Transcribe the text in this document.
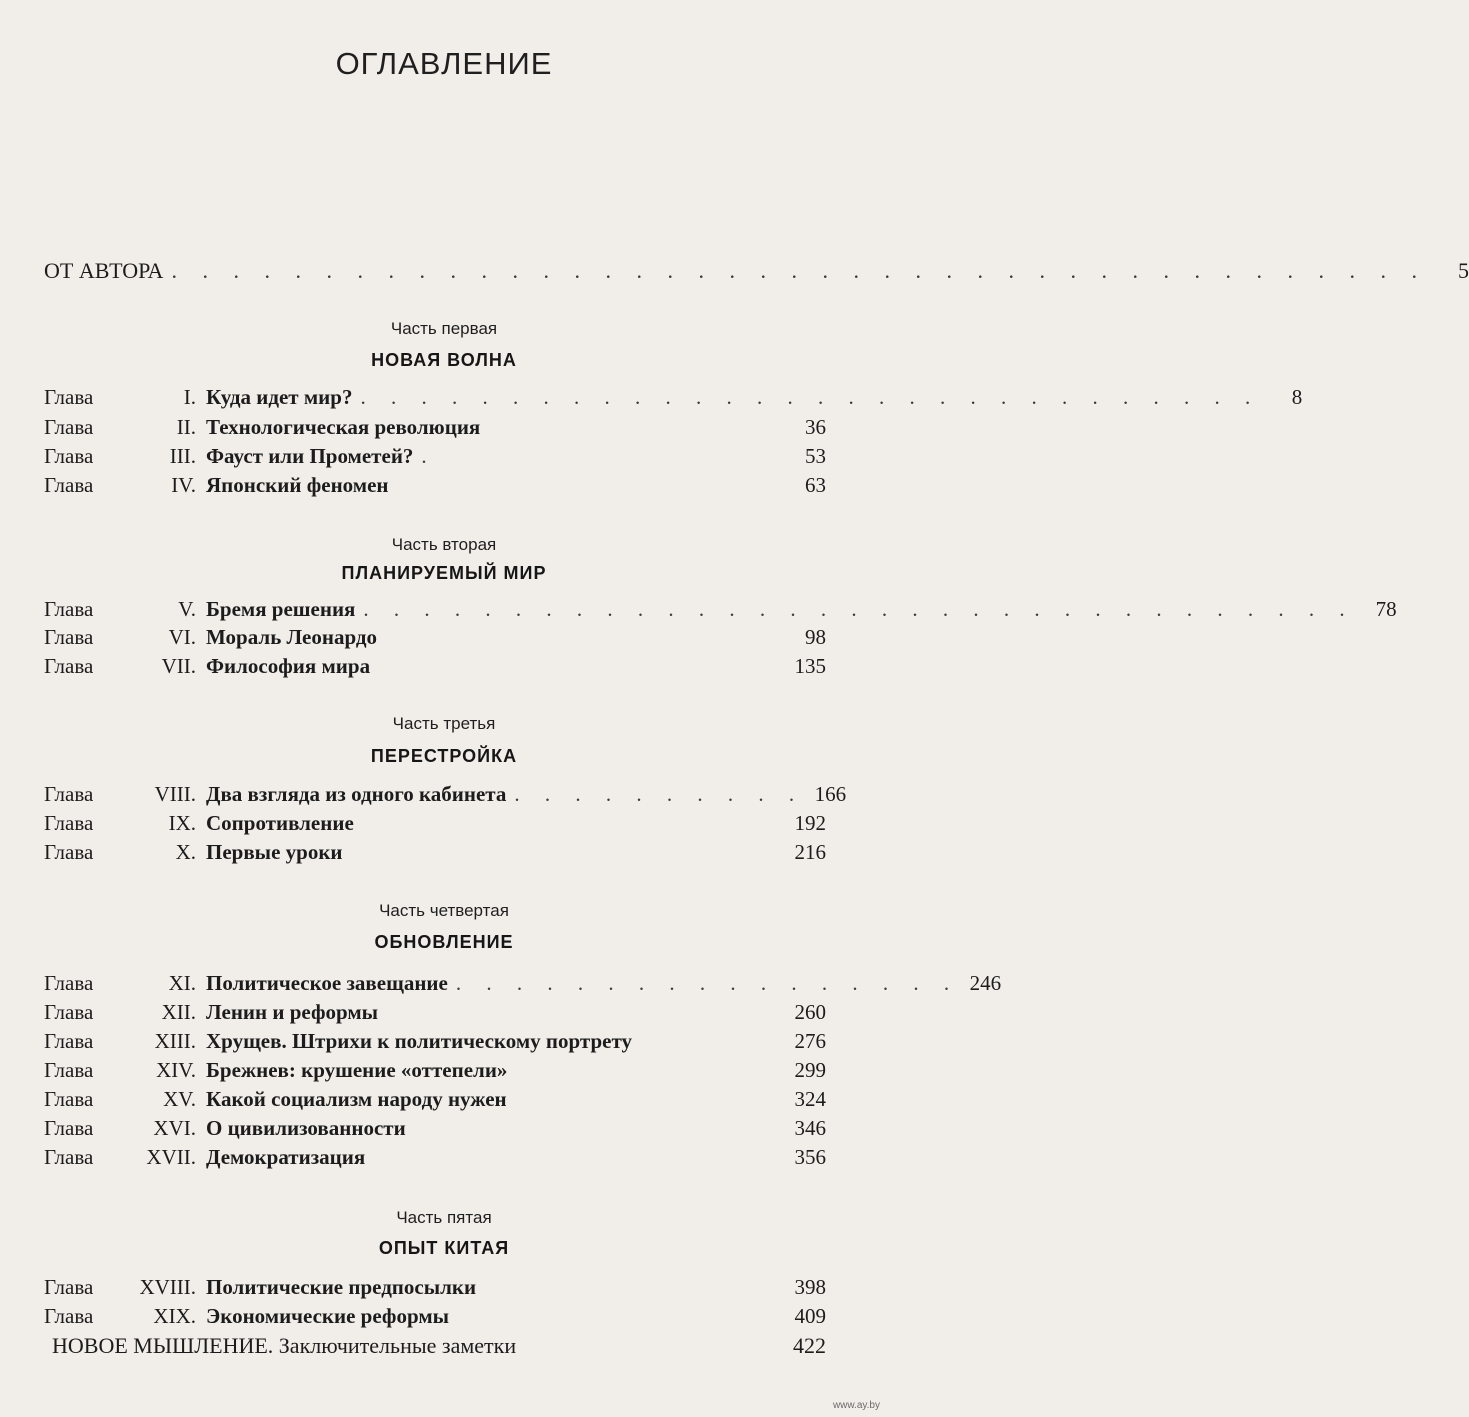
ОГЛАВЛЕНИЕ
ОТ АВТОРА . . . . . . . . . . . . . . . . . . . . . . . . . . . . . . . . . . . . . . . . .	5
Часть первая
НОВАЯ ВОЛНА
Глава	I. Куда идет мир? . . . . . . . . . . . . . . . . . . . . . . . . . . . . . .	8
Глава	II. Технологическая революция	36
Глава	III. Фауст или Прометей? .	53
Глава	IV. Японский феномен	63
Часть вторая
ПЛАНИРУЕМЫЙ МИР
Глава	V. Бремя решения . . . . . . . . . . . . . . . . . . . . . . . . . . . . . . . . .	78
Глава	VI. Мораль Леонардо	98
Глава	VII. Философия мира	135
Часть третья
ПЕРЕСТРОЙКА
Глава	VIII. Два взгляда из одного кабинета . . . . . . . . . . 166
Глава	IX. Сопротивление	192
Глава	X. Первые уроки	216
Часть четвертая
ОБНОВЛЕНИЕ
Глава	XI. Политическое завещание . . . . . . . . . . . . . . . . . 246
Глава	XII. Ленин и реформы	260
Глава	XIII. Хрущев. Штрихи к политическому портрету	276
Глава	XIV. Брежнев: крушение «оттепели»	299
Глава	XV. Какой социализм народу нужен	324
Глава	XVI. О цивилизованности	346
Глава	XVII. Демократизация	356
Часть пятая
ОПЫТ КИТАЯ
Глава XVIII. Политические предпосылки	398
Глава	XIX. Экономические реформы	409
НОВОЕ МЫШЛЕНИЕ. Заключительные заметки	422
www.ay.by
